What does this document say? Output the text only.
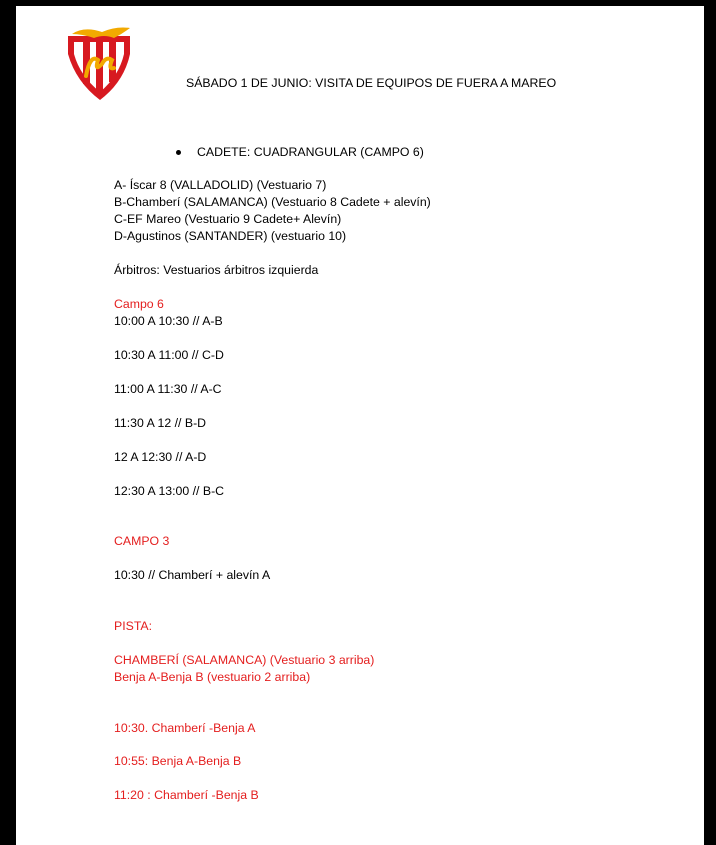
SÁBADO 1 DE JUNIO: VISITA DE EQUIPOS DE FUERA A MAREO
CADETE: CUADRANGULAR (CAMPO 6)
A- Íscar 8 (VALLADOLID) (Vestuario 7)
B-Chamberí (SALAMANCA) (Vestuario 8 Cadete + alevín)
C-EF Mareo (Vestuario 9 Cadete+ Alevín)
D-Agustinos (SANTANDER) (vestuario 10)
Árbitros: Vestuarios árbitros izquierda
Campo 6
10:00 A 10:30 // A-B
10:30 A 11:00 // C-D
11:00 A 11:30 // A-C
11:30 A 12 // B-D
12 A 12:30 // A-D
12:30 A 13:00 // B-C
CAMPO 3
10:30 // Chamberí + alevín A
PISTA:
CHAMBERÍ (SALAMANCA) (Vestuario 3 arriba)
Benja A-Benja B (vestuario 2 arriba)
10:30. Chamberí -Benja A
10:55: Benja A-Benja B
11:20 : Chamberí -Benja B
